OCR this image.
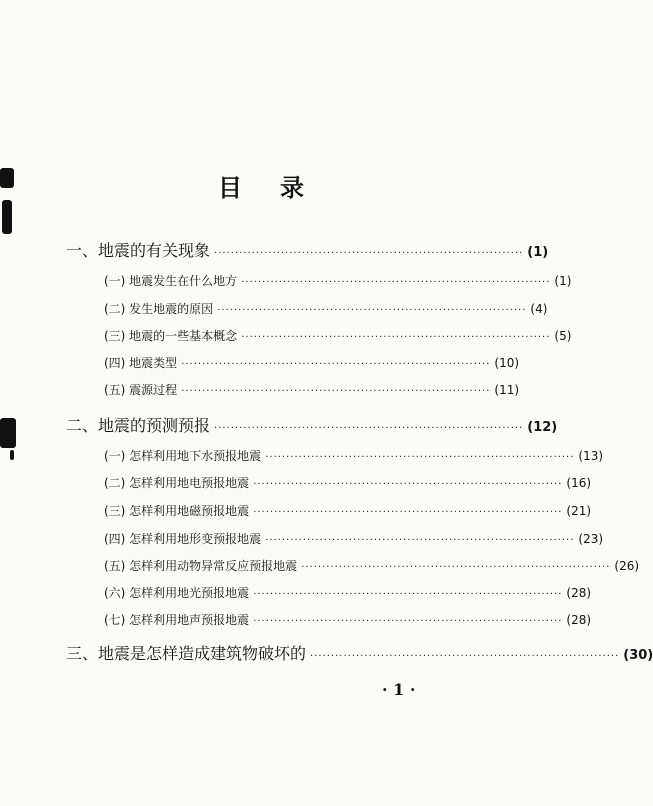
目 录
一、地震的有关现象 ·········································································· (1)
(一) 地震发生在什么地方 ·········································································· (1)
(二) 发生地震的原因 ·········································································· (4)
(三) 地震的一些基本概念 ·········································································· (5)
(四) 地震类型 ·········································································· (10)
(五) 震源过程 ·········································································· (11)
二、地震的预测预报 ·········································································· (12)
(一) 怎样利用地下水预报地震 ·········································································· (13)
(二) 怎样利用地电预报地震 ·········································································· (16)
(三) 怎样利用地磁预报地震 ·········································································· (21)
(四) 怎样利用地形变预报地震 ·········································································· (23)
(五) 怎样利用动物异常反应预报地震 ·········································································· (26)
(六) 怎样利用地光预报地震 ·········································································· (28)
(七) 怎样利用地声预报地震 ·········································································· (28)
三、地震是怎样造成建筑物破坏的 ·········································································· (30)
· 1 ·
